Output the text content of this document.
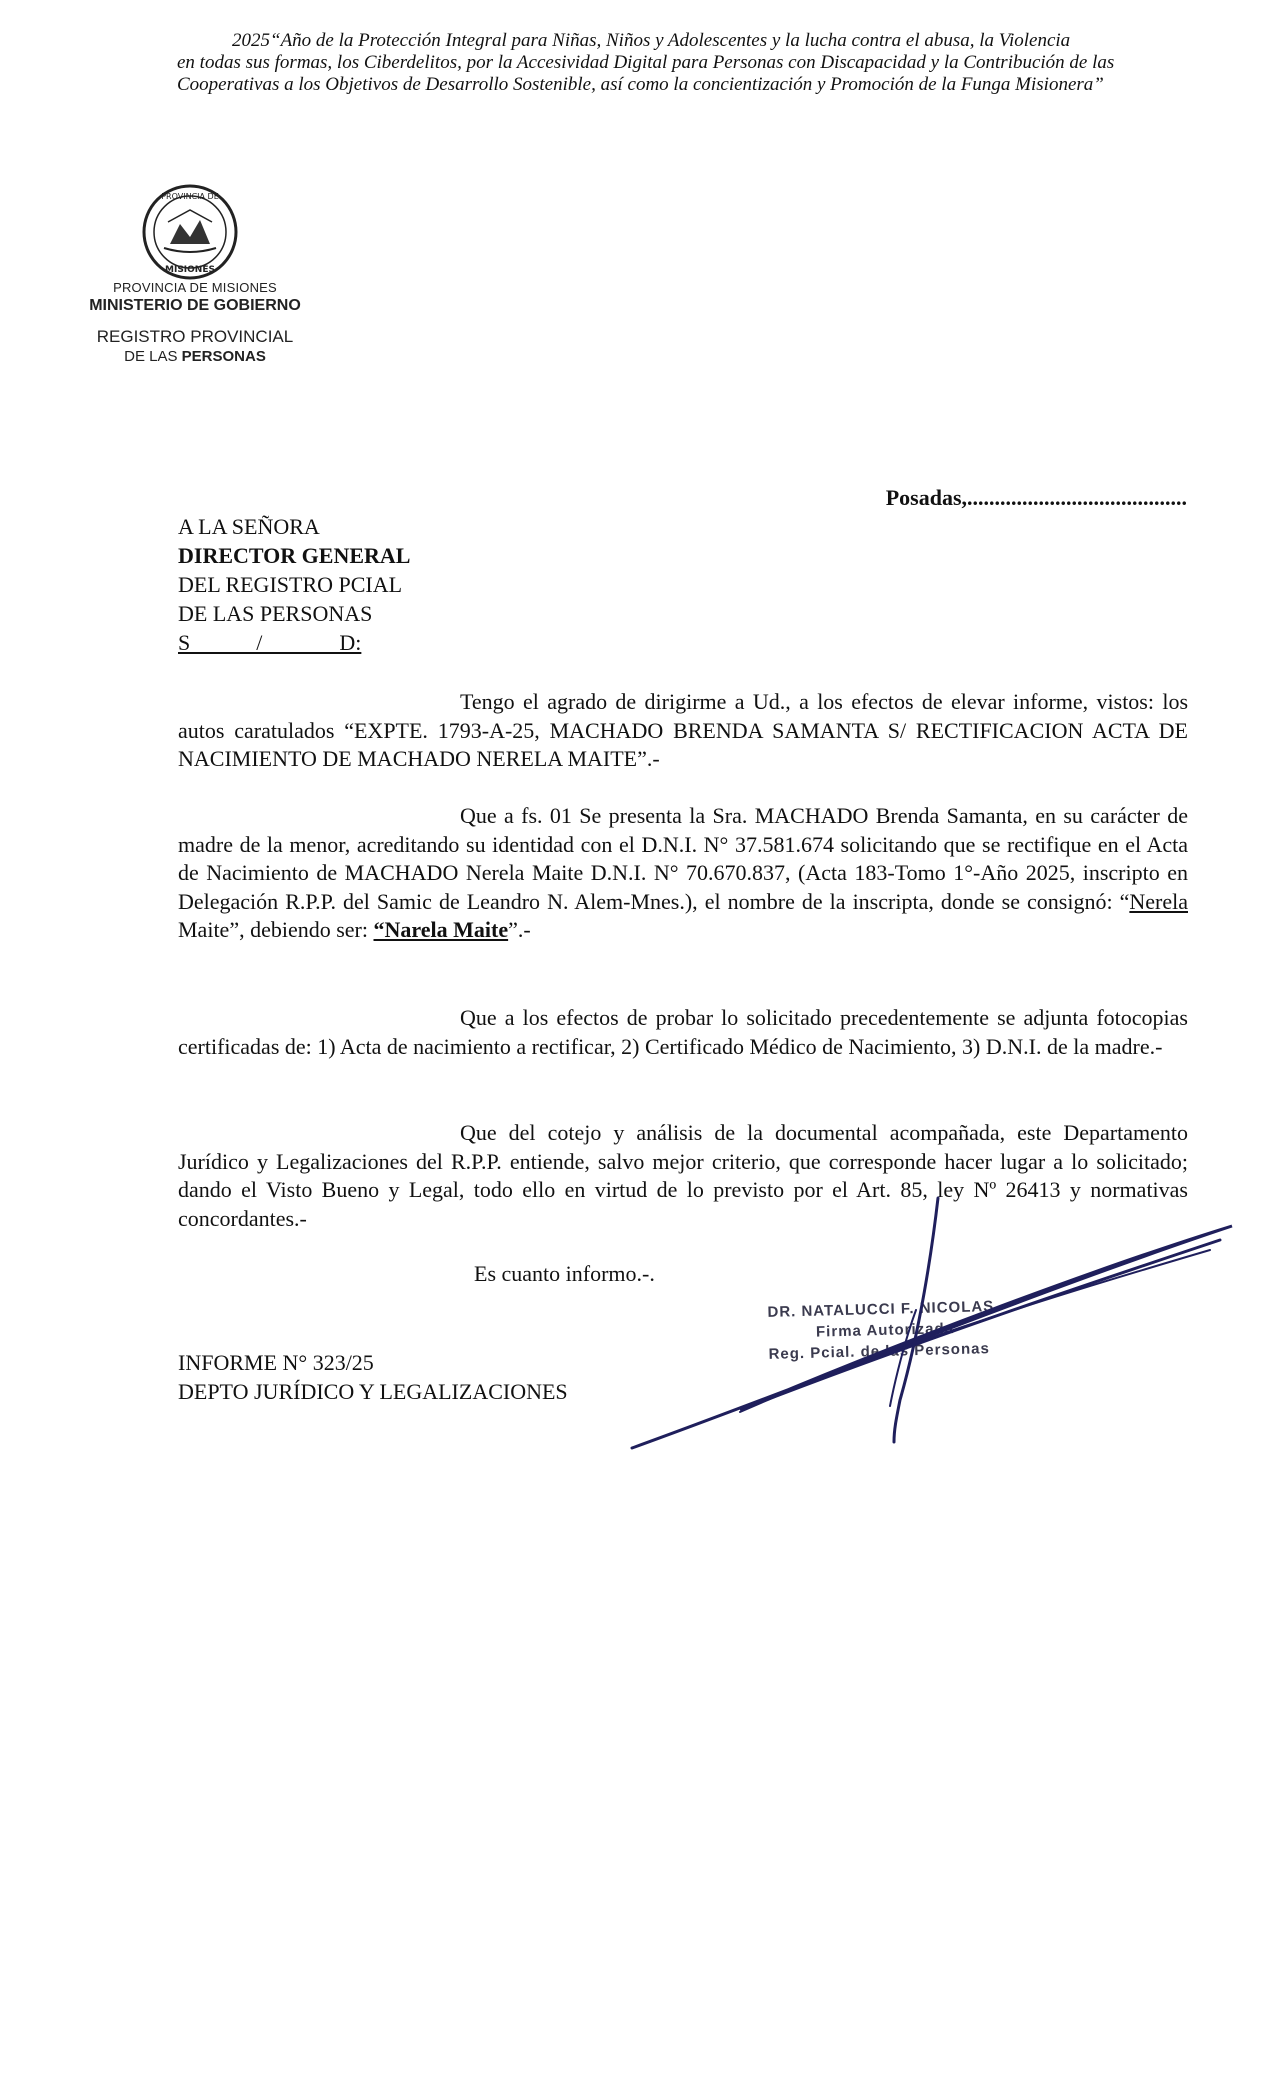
2025“Año de la Protección Integral para Niñas, Niños y Adolescentes y la lucha contra el abusa, la Violencia
en todas sus formas, los Ciberdelitos, por la Accesividad Digital para Personas con Discapacidad y la Contribución de las Cooperativas a los Objetivos de Desarrollo Sostenible, así como la concientización y Promoción de la Funga Misionera”
PROVINCIA DE
MISIONES
PROVINCIA DE MISIONES
MINISTERIO DE GOBIERNO
REGISTRO PROVINCIAL
DE LAS PERSONAS
Posadas,........................................
A LA SEÑORA
DIRECTOR GENERAL
DEL REGISTRO PCIAL
DE LAS PERSONAS
S            /              D:
Tengo el agrado de dirigirme a Ud., a los efectos de elevar informe, vistos: los autos caratulados “EXPTE. 1793-A-25, MACHADO BRENDA SAMANTA S/ RECTIFICACION ACTA DE NACIMIENTO DE MACHADO NERELA MAITE”.-
Que a fs. 01 Se presenta la Sra. MACHADO Brenda Samanta, en su carácter de madre de la menor, acreditando su identidad con el D.N.I. N° 37.581.674 solicitando que se rectifique en el Acta de Nacimiento de MACHADO Nerela Maite D.N.I. N° 70.670.837, (Acta 183-Tomo 1°-Año 2025, inscripto en Delegación R.P.P. del Samic de Leandro N. Alem-Mnes.), el nombre de la inscripta, donde se consignó: “Nerela Maite”, debiendo ser: “Narela Maite”.-
Que a los efectos de probar lo solicitado precedentemente se adjunta fotocopias certificadas de: 1) Acta de nacimiento a rectificar, 2) Certificado Médico de Nacimiento, 3) D.N.I. de la madre.-
Que del cotejo y análisis de la documental acompañada, este Departamento Jurídico y Legalizaciones del R.P.P. entiende, salvo mejor criterio, que corresponde hacer lugar a lo solicitado; dando el Visto Bueno y Legal, todo ello en virtud de lo previsto por el Art. 85, ley Nº 26413 y normativas concordantes.-
Es cuanto informo.-.
INFORME N° 323/25
DEPTO JURÍDICO Y LEGALIZACIONES
DR. NATALUCCI F. NICOLAS
Firma Autorizada
Reg. Pcial. de las Personas
